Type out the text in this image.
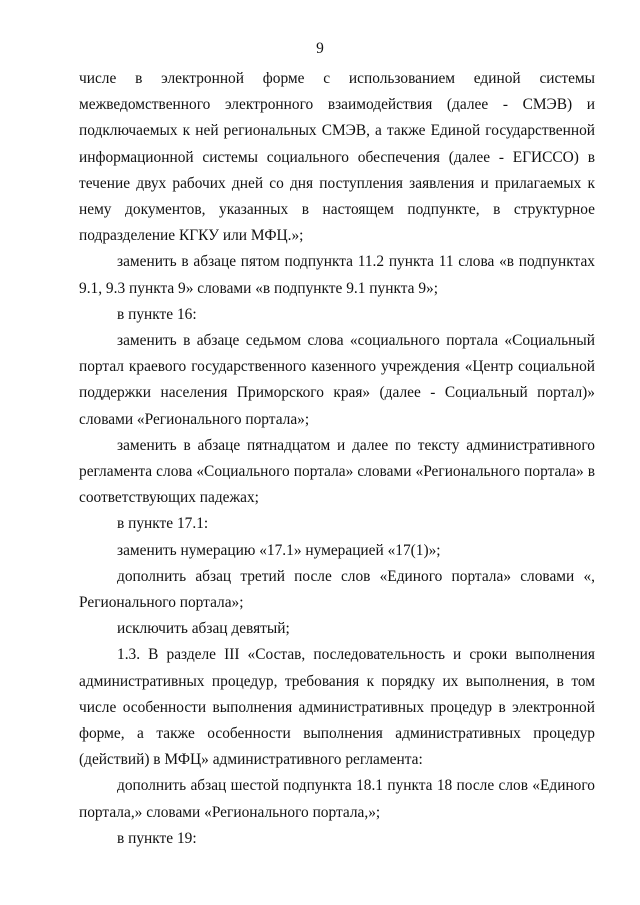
9

числе в электронной форме с использованием единой системы межведомственного электронного взаимодействия (далее - СМЭВ) и подключаемых к ней региональных СМЭВ, а также Единой государственной информационной системы социального обеспечения (далее - ЕГИССО) в течение двух рабочих дней со дня поступления заявления и прилагаемых к нему документов, указанных в настоящем подпункте, в структурное подразделение КГКУ или МФЦ.»;

заменить в абзаце пятом подпункта 11.2 пункта 11 слова «в подпунктах 9.1, 9.3 пункта 9» словами «в подпункте 9.1 пункта 9»;

в пункте 16:

заменить в абзаце седьмом слова «социального портала «Социальный портал краевого государственного казенного учреждения «Центр социальной поддержки населения Приморского края» (далее - Социальный портал)» словами «Регионального портала»;

заменить в абзаце пятнадцатом и далее по тексту административного регламента слова «Социального портала» словами «Регионального портала» в соответствующих падежах;

в пункте 17.1:

заменить нумерацию «17.1» нумерацией «17(1)»;

дополнить абзац третий после слов «Единого портала» словами «, Регионального портала»;

исключить абзац девятый;

1.3. В разделе III «Состав, последовательность и сроки выполнения административных процедур, требования к порядку их выполнения, в том числе особенности выполнения административных процедур в электронной форме, а также особенности выполнения административных процедур (действий) в МФЦ» административного регламента:

дополнить абзац шестой подпункта 18.1 пункта 18 после слов «Единого портала,» словами «Регионального портала,»;

в пункте 19:
